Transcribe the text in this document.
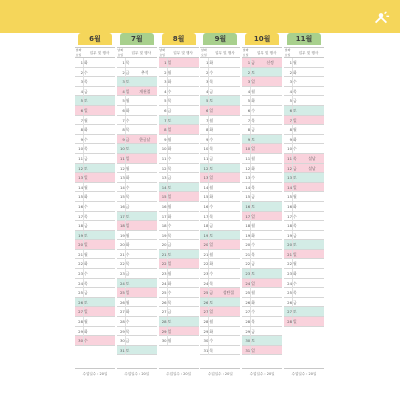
6월	7월	8월	9월	10월	11월
날짜 요일	업무 및 행사
1 화
2 수
3 목
4 금
5 토
6 일
7 월
8 화
9 수
10 목
11 금
12 토
13 일
14 월
15 화
16 수
17 목
18 금
19 토
20 일
21 월
22 화
23 수
24 목
25 금
26 토
27 일
28 월
29 화
30 수
수업일수 : 20일
날짜 요일	업무 및 행사
1 목
2 금	추석
3 토
4 일	개천절
5 월
6 화
7 수
8 목
9 금	한글날
10 토
11 일
12 월
13 화
14 수
15 목
16 금
17 토
18 일
19 월
20 화
21 수
22 목
23 금
24 토
25 일
26 월
27 화
28 수
29 목
30 금
31 토
수업일수 : 20일
날짜 요일	업무 및 행사
1 일
2 월
3 화
4 수
5 목
6 금
7 토
8 일
9 월
10 화
11 수
12 목
13 금
14 토
15 일
16 월
17 화
18 수
19 목
20 금
21 토
22 일
23 월
24 화
25 수
26 목
27 금
28 토
29 일
30 월
수업일수 : 20일
날짜 요일	업무 및 행사
1 화
2 수
3 목
4 금
5 토
6 일
7 월
8 화
9 수
10 목
11 금
12 토
13 일
14 월
15 화
16 수
17 목
18 금
19 토
20 일
21 월
22 화
23 수
24 목
25 금	성탄절
26 토
27 일
28 월
29 화
30 수
31 목
수업일수 : 20일
날짜 요일	업무 및 행사
1 금	신정
2 토
3 일
4 월
5 화
6 수
7 목
8 금
9 토
10 일
11 월
12 화
13 수
14 목
15 금
16 토
17 일
18 월
19 화
20 수
21 목
22 금
23 토
24 일
25 월
26 화
27 수
28 목
29 금
30 토
31 일
수업일수 : 20일
날짜 요일	업무 및 행사
1 월
2 화
3 수
4 목
5 금
6 토
7 일
8 월
9 화
10 수
11 목	설날
12 금	설날
13 토
14 일
15 월
16 화
17 수
18 목
19 금
20 토
21 일
22 월
23 화
24 수
25 목
26 금
27 토
28 일
수업일수 : 20일
